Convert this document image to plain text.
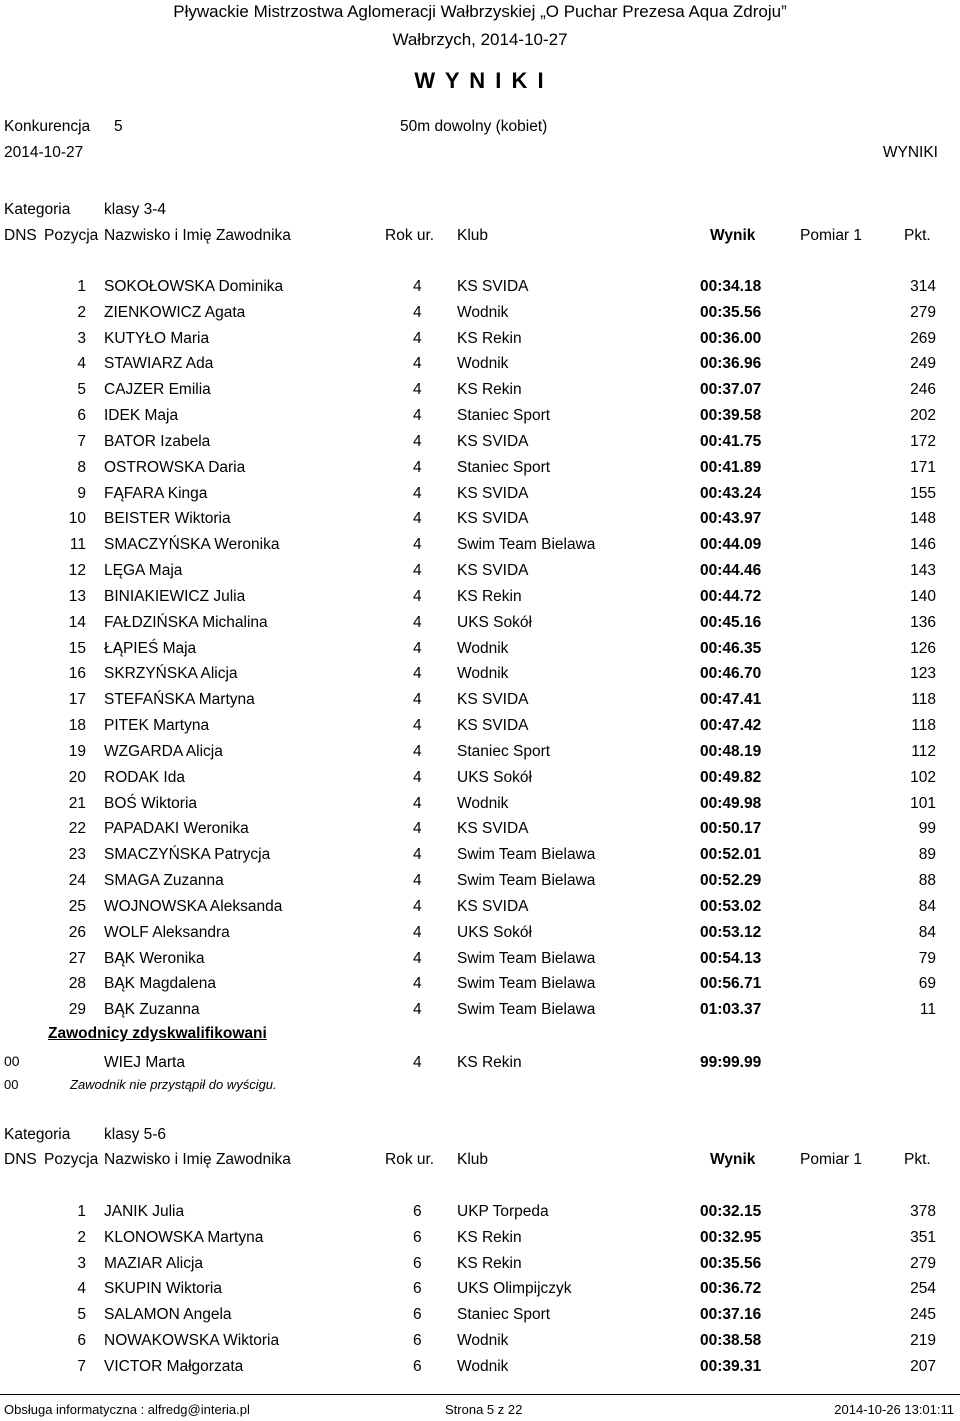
Pływackie Mistrzostwa Aglomeracji Wałbrzyskiej „O Puchar Prezesa Aqua Zdroju”
Wałbrzych, 2014-10-27
W Y N I K I
Konkurencja 5	50m dowolny (kobiet)
2014-10-27	WYNIKI
Kategoria klasy 3-4
DNS Pozycja Nazwisko i Imię Zawodnika	Rok ur. Klub	Wynik	Pomiar 1	Pkt.
1 SOKOŁOWSKA Dominika	4 KS SVIDA	00:34.18	314
2 ZIENKOWICZ Agata	4 Wodnik	00:35.56	279
3 KUTYŁO Maria	4 KS Rekin	00:36.00	269
4 STAWIARZ Ada	4 Wodnik	00:36.96	249
5 CAJZER Emilia	4 KS Rekin	00:37.07	246
6 IDEK Maja	4 Staniec Sport	00:39.58	202
7 BATOR Izabela	4 KS SVIDA	00:41.75	172
8 OSTROWSKA Daria	4 Staniec Sport	00:41.89	171
9 FĄFARA Kinga	4 KS SVIDA	00:43.24	155
10 BEISTER Wiktoria	4 KS SVIDA	00:43.97	148
11 SMACZYŃSKA Weronika	4 Swim Team Bielawa	00:44.09	146
12 LĘGA Maja	4 KS SVIDA	00:44.46	143
13 BINIAKIEWICZ Julia	4 KS Rekin	00:44.72	140
14 FAŁDZIŃSKA Michalina	4 UKS Sokół	00:45.16	136
15 ŁĄPIEŚ Maja	4 Wodnik	00:46.35	126
16 SKRZYŃSKA Alicja	4 Wodnik	00:46.70	123
17 STEFAŃSKA Martyna	4 KS SVIDA	00:47.41	118
18 PITEK Martyna	4 KS SVIDA	00:47.42	118
19 WZGARDA Alicja	4 Staniec Sport	00:48.19	112
20 RODAK Ida	4 UKS Sokół	00:49.82	102
21 BOŚ Wiktoria	4 Wodnik	00:49.98	101
22 PAPADAKI Weronika	4 KS SVIDA	00:50.17	99
23 SMACZYŃSKA Patrycja	4 Swim Team Bielawa	00:52.01	89
24 SMAGA Zuzanna	4 Swim Team Bielawa	00:52.29	88
25 WOJNOWSKA Aleksanda	4 KS SVIDA	00:53.02	84
26 WOLF Aleksandra	4 UKS Sokół	00:53.12	84
27 BĄK Weronika	4 Swim Team Bielawa	00:54.13	79
28 BĄK Magdalena	4 Swim Team Bielawa	00:56.71	69
29 BĄK Zuzanna	4 Swim Team Bielawa	01:03.37	11
Zawodnicy zdyskwalifikowani
00	WIEJ Marta	4 KS Rekin	99:99.99
00	Zawodnik nie przystąpił do wyścigu.
Kategoria klasy 5-6
DNS Pozycja Nazwisko i Imię Zawodnika	Rok ur. Klub	Wynik	Pomiar 1	Pkt.
1 JANIK Julia	6 UKP Torpeda	00:32.15	378
2 KLONOWSKA Martyna	6 KS Rekin	00:32.95	351
3 MAZIAR Alicja	6 KS Rekin	00:35.56	279
4 SKUPIN Wiktoria	6 UKS Olimpijczyk	00:36.72	254
5 SALAMON Angela	6 Staniec Sport	00:37.16	245
6 NOWAKOWSKA Wiktoria	6 Wodnik	00:38.58	219
7 VICTOR Małgorzata	6 Wodnik	00:39.31	207
Obsługa informatyczna : alfredg@interia.pl	Strona 5 z 22	2014-10-26 13:01:11
